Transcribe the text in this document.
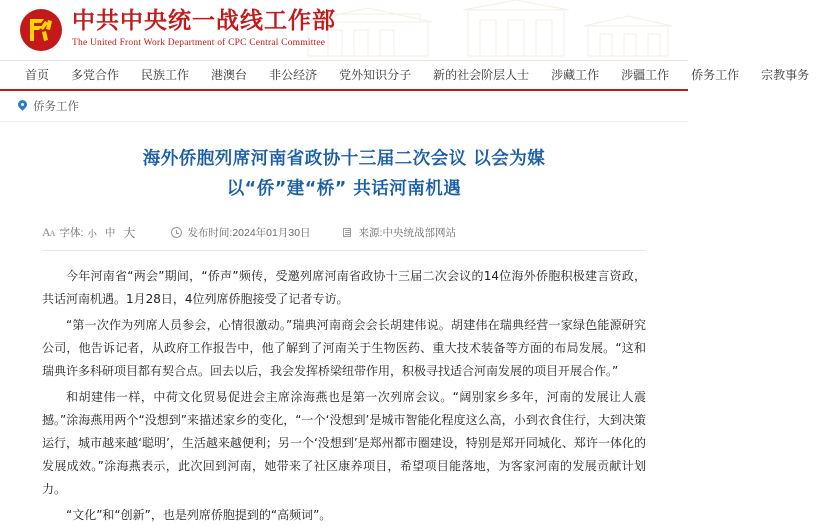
中共中央统一战线工作部
The United Front Work Department of CPC Central Committee
首页	多党合作	民族工作	港澳台	非公经济	党外知识分子	新的社会阶层人士	涉藏工作	涉疆工作	侨务工作	宗教事务
侨务工作
海外侨胞列席河南省政协十三届二次会议 以会为媒
以“侨”建“桥” 共话河南机遇
AA 字体: 小 中 大	发布时间: 2024年01月30日	来源: 中央统战部网站

今年河南省“两会”期间，“侨声”频传，受邀列席河南省政协十三届二次会议的14位海外侨胞积极建言资政，共话河南机遇。1月28日，4位列席侨胞接受了记者专访。

“第一次作为列席人员参会，心情很激动。”瑞典河南商会会长胡建伟说。胡建伟在瑞典经营一家绿色能源研究公司，他告诉记者，从政府工作报告中，他了解到了河南关于生物医药、重大技术装备等方面的布局发展。“这和瑞典许多科研项目都有契合点。回去以后，我会发挥桥梁纽带作用，积极寻找适合河南发展的项目开展合作。”

和胡建伟一样，中荷文化贸易促进会主席涂海燕也是第一次列席会议。“阔别家乡多年，河南的发展让人震撼。”涂海燕用两个“没想到”来描述家乡的变化，“一个‘没想到’是城市智能化程度这么高，小到衣食住行，大到决策运行，城市越来越‘聪明’，生活越来越便利；另一个‘没想到’是郑州都市圈建设，特别是郑开同城化、郑许一体化的发展成效。”涂海燕表示，此次回到河南，她带来了社区康养项目，希望项目能落地，为客家河南的发展贡献计划力。

“文化”和“创新”，也是列席侨胞提到的“高频词”。
